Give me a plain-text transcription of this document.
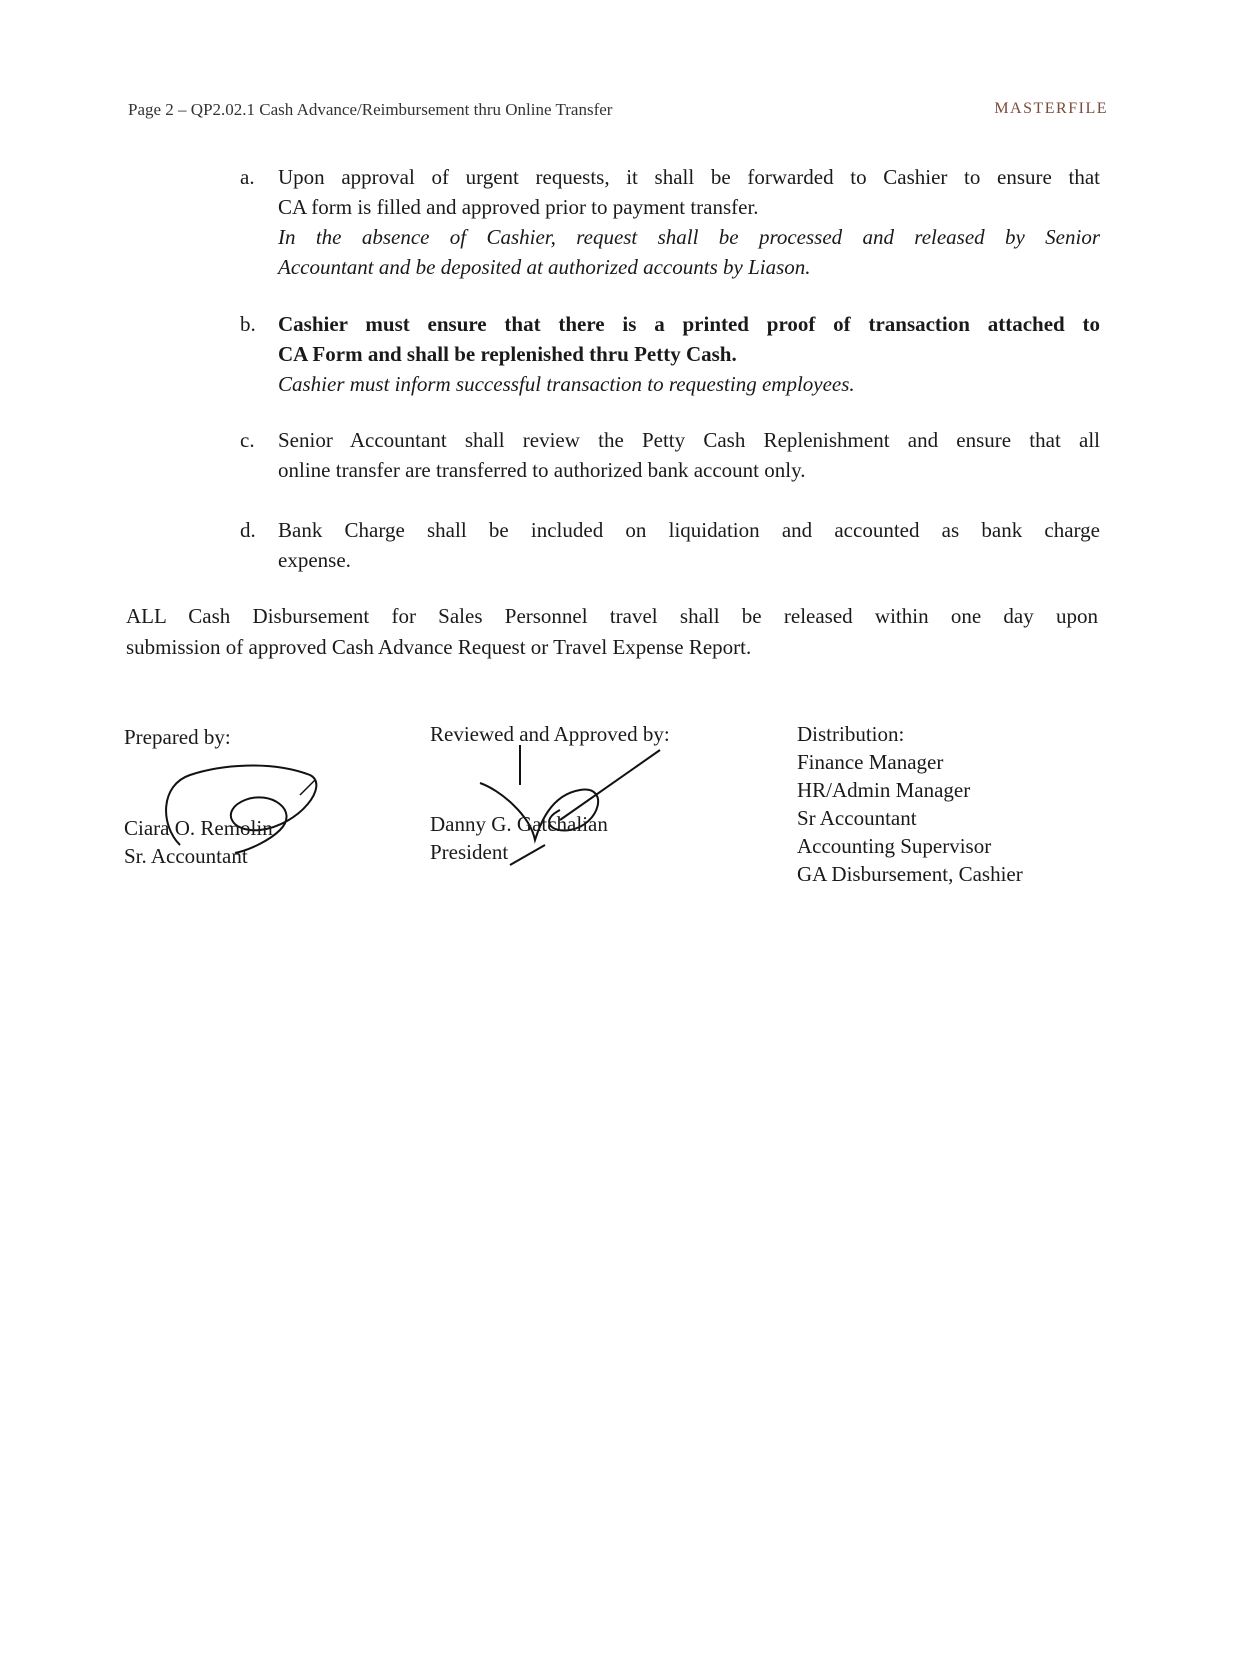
Page 2 – QP2.02.1 Cash Advance/Reimbursement thru Online Transfer	MASTERFILE
a. Upon approval of urgent requests, it shall be forwarded to Cashier to ensure that
CA form is filled and approved prior to payment transfer.
In the absence of Cashier, request shall be processed and released by Senior
Accountant and be deposited at authorized accounts by Liason.
b. Cashier must ensure that there is a printed proof of transaction attached to
CA Form and shall be replenished thru Petty Cash.
Cashier must inform successful transaction to requesting employees.
c. Senior Accountant shall review the Petty Cash Replenishment and ensure that all
online transfer are transferred to authorized bank account only.
d. Bank Charge shall be included on liquidation and accounted as bank charge
expense.
ALL Cash Disbursement for Sales Personnel travel shall be released within one day upon
submission of approved Cash Advance Request or Travel Expense Report.
Prepared by:
Ciara O. Remolin
Sr. Accountant
Reviewed and Approved by:
Danny G. Gatchalian
President
Distribution:
Finance Manager
HR/Admin Manager
Sr Accountant
Accounting Supervisor
GA Disbursement, Cashier
